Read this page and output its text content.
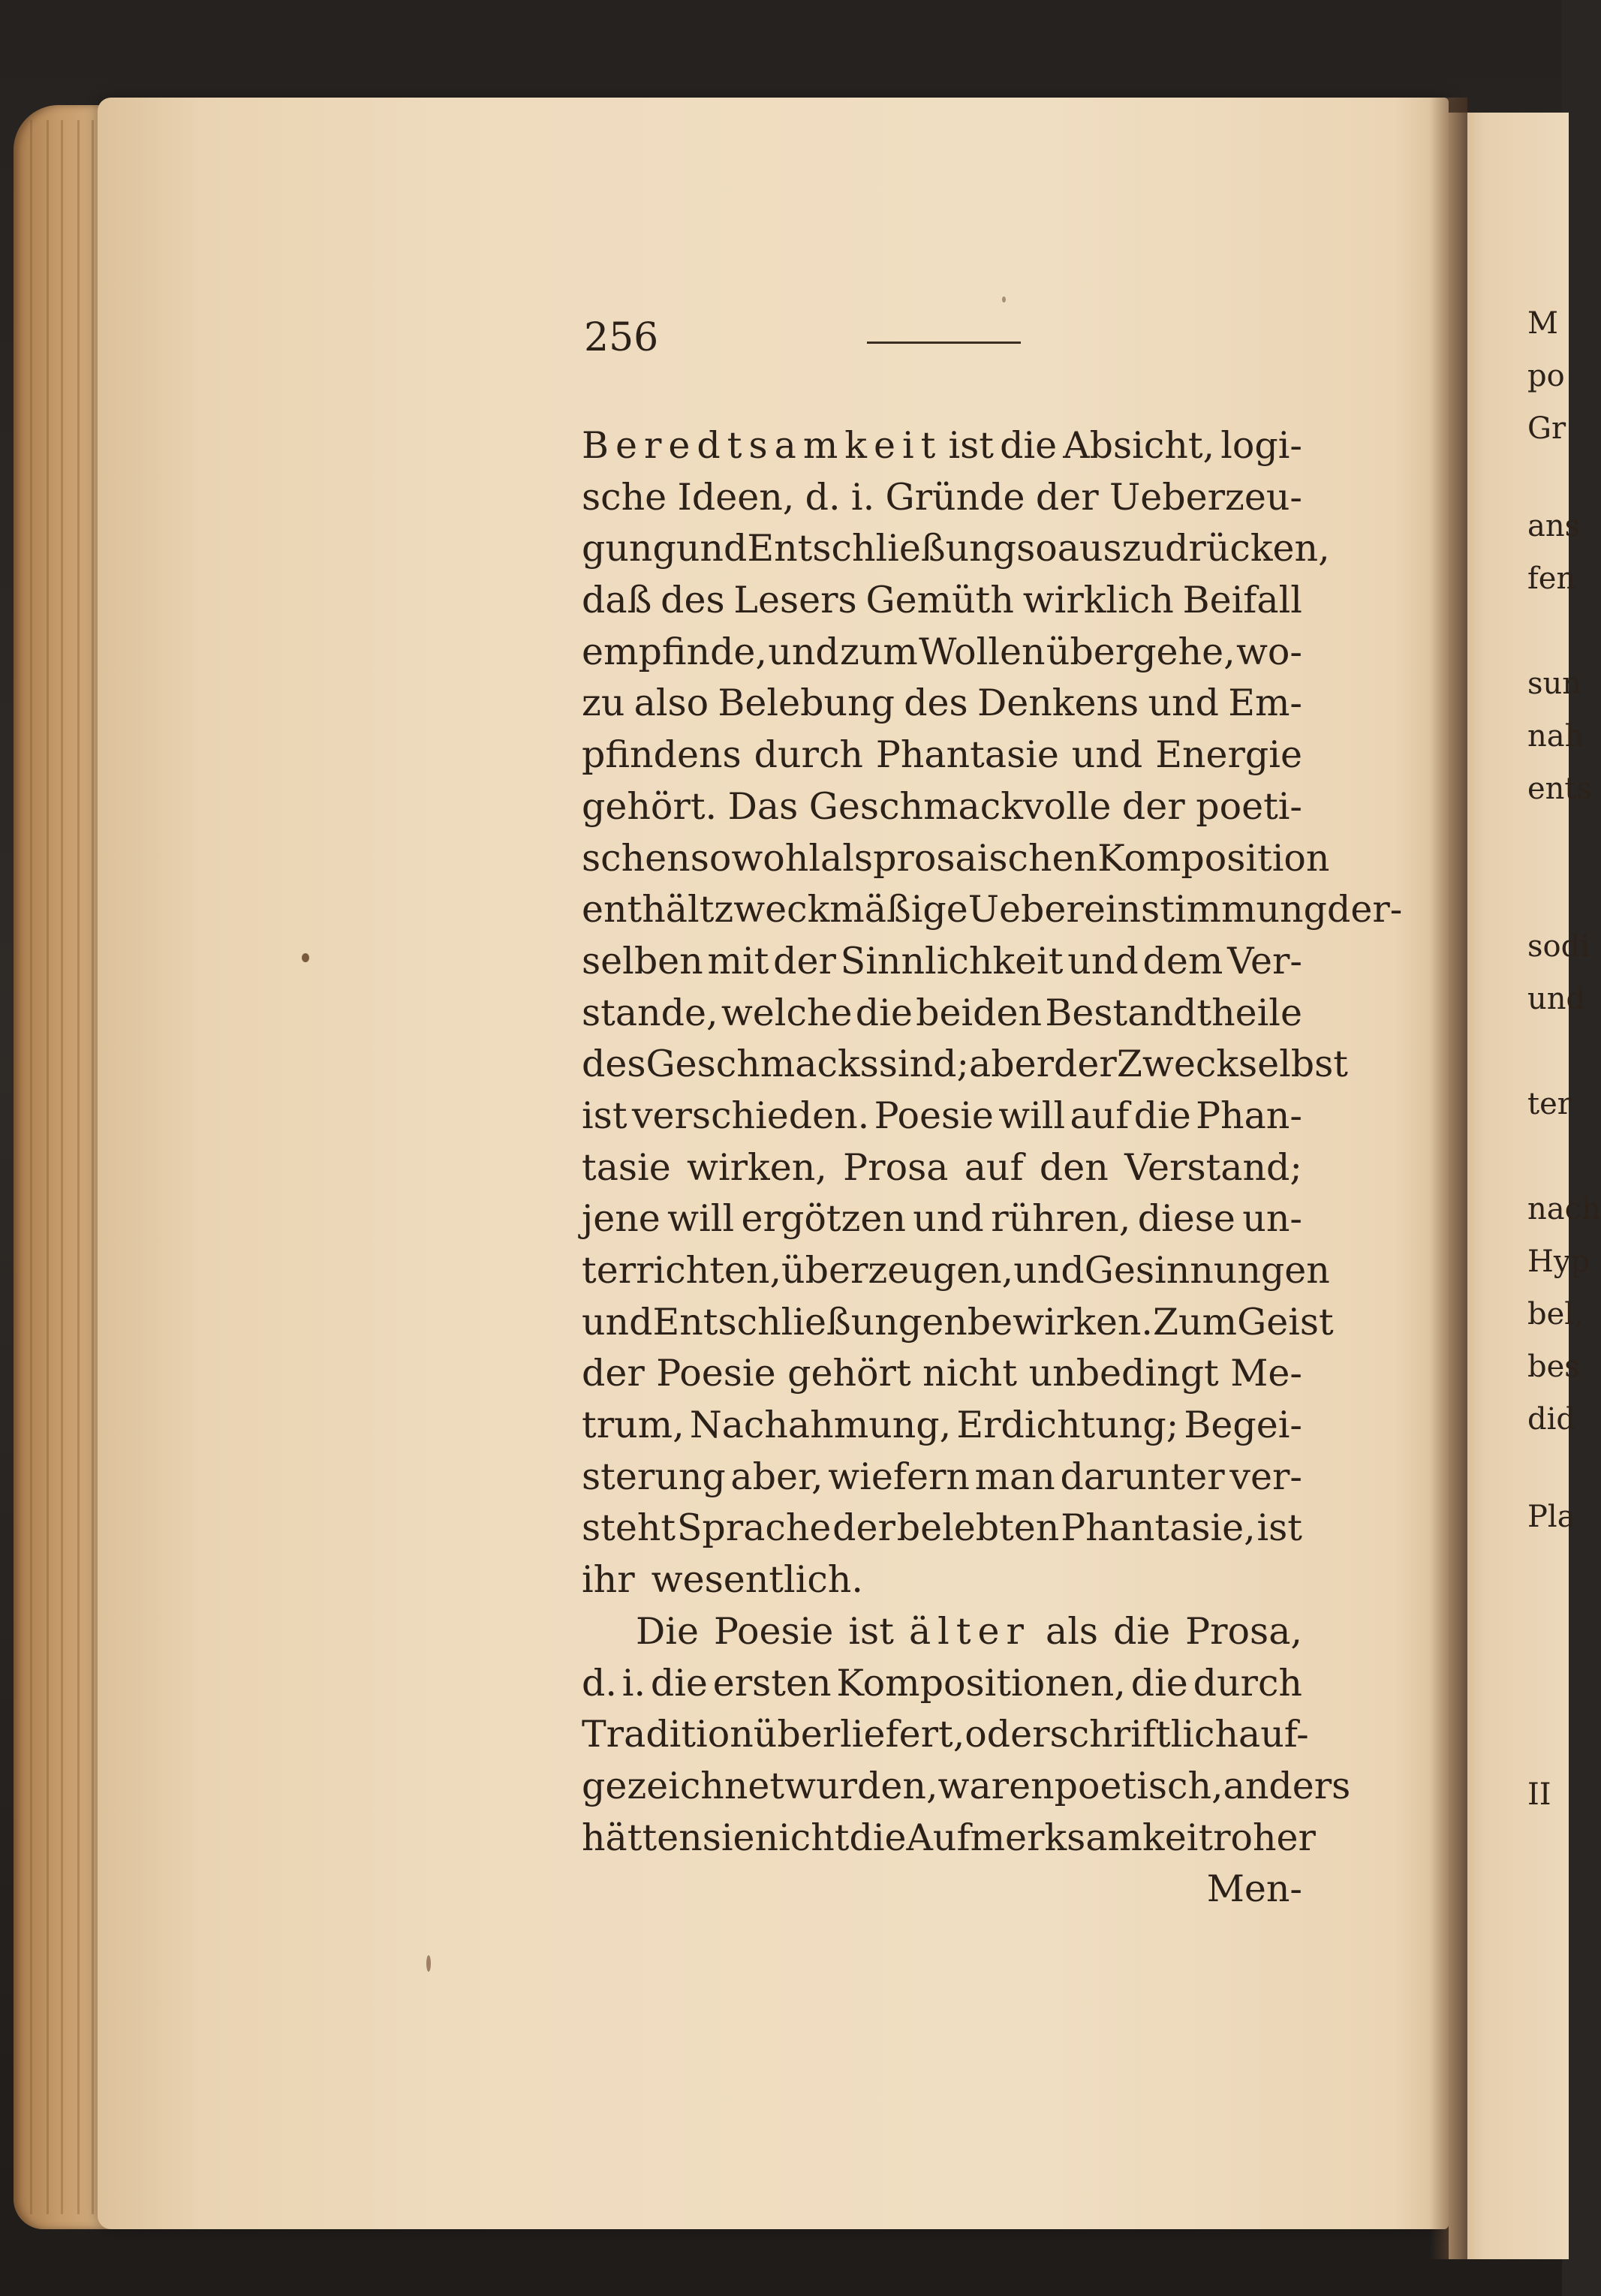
M
po
Gr
ans
fen
sun
nah
ents
sodi
und
ter
nach
Hyp
bel,
bes
did
Pla
II
256
Beredtsamkeit ist die Absicht, logi-
sche Ideen, d. i. Gründe der Ueberzeu-
gung und Entschließung so auszudrücken,
daß des Lesers Gemüth wirklich Beifall
empfinde, und zum Wollen übergehe, wo-
zu also Belebung des Denkens und Em-
pfindens durch Phantasie und Energie
gehört. Das Geschmackvolle der poeti-
schen sowohl als prosaischen Komposition
enthält zweckmäßige Uebereinstimmung der-
selben mit der Sinnlichkeit und dem Ver-
stande, welche die beiden Bestandtheile
des Geschmacks sind; aber der Zweck selbst
ist verschieden. Poesie will auf die Phan-
tasie wirken, Prosa auf den Verstand;
jene will ergötzen und rühren, diese un-
terrichten, überzeugen, und Gesinnungen
und Entschließungen bewirken. Zum Geist
der Poesie gehört nicht unbedingt Me-
trum, Nachahmung, Erdichtung; Begei-
sterung aber, wiefern man darunter ver-
steht Sprache der belebten Phantasie, ist
ihr wesentlich.
Die Poesie ist älter als die Prosa,
d. i. die ersten Kompositionen, die durch
Tradition überliefert, oder schriftlich auf-
gezeichnet wurden, waren poetisch, anders
hätten sie nicht die Aufmerksamkeit roher
Men-
